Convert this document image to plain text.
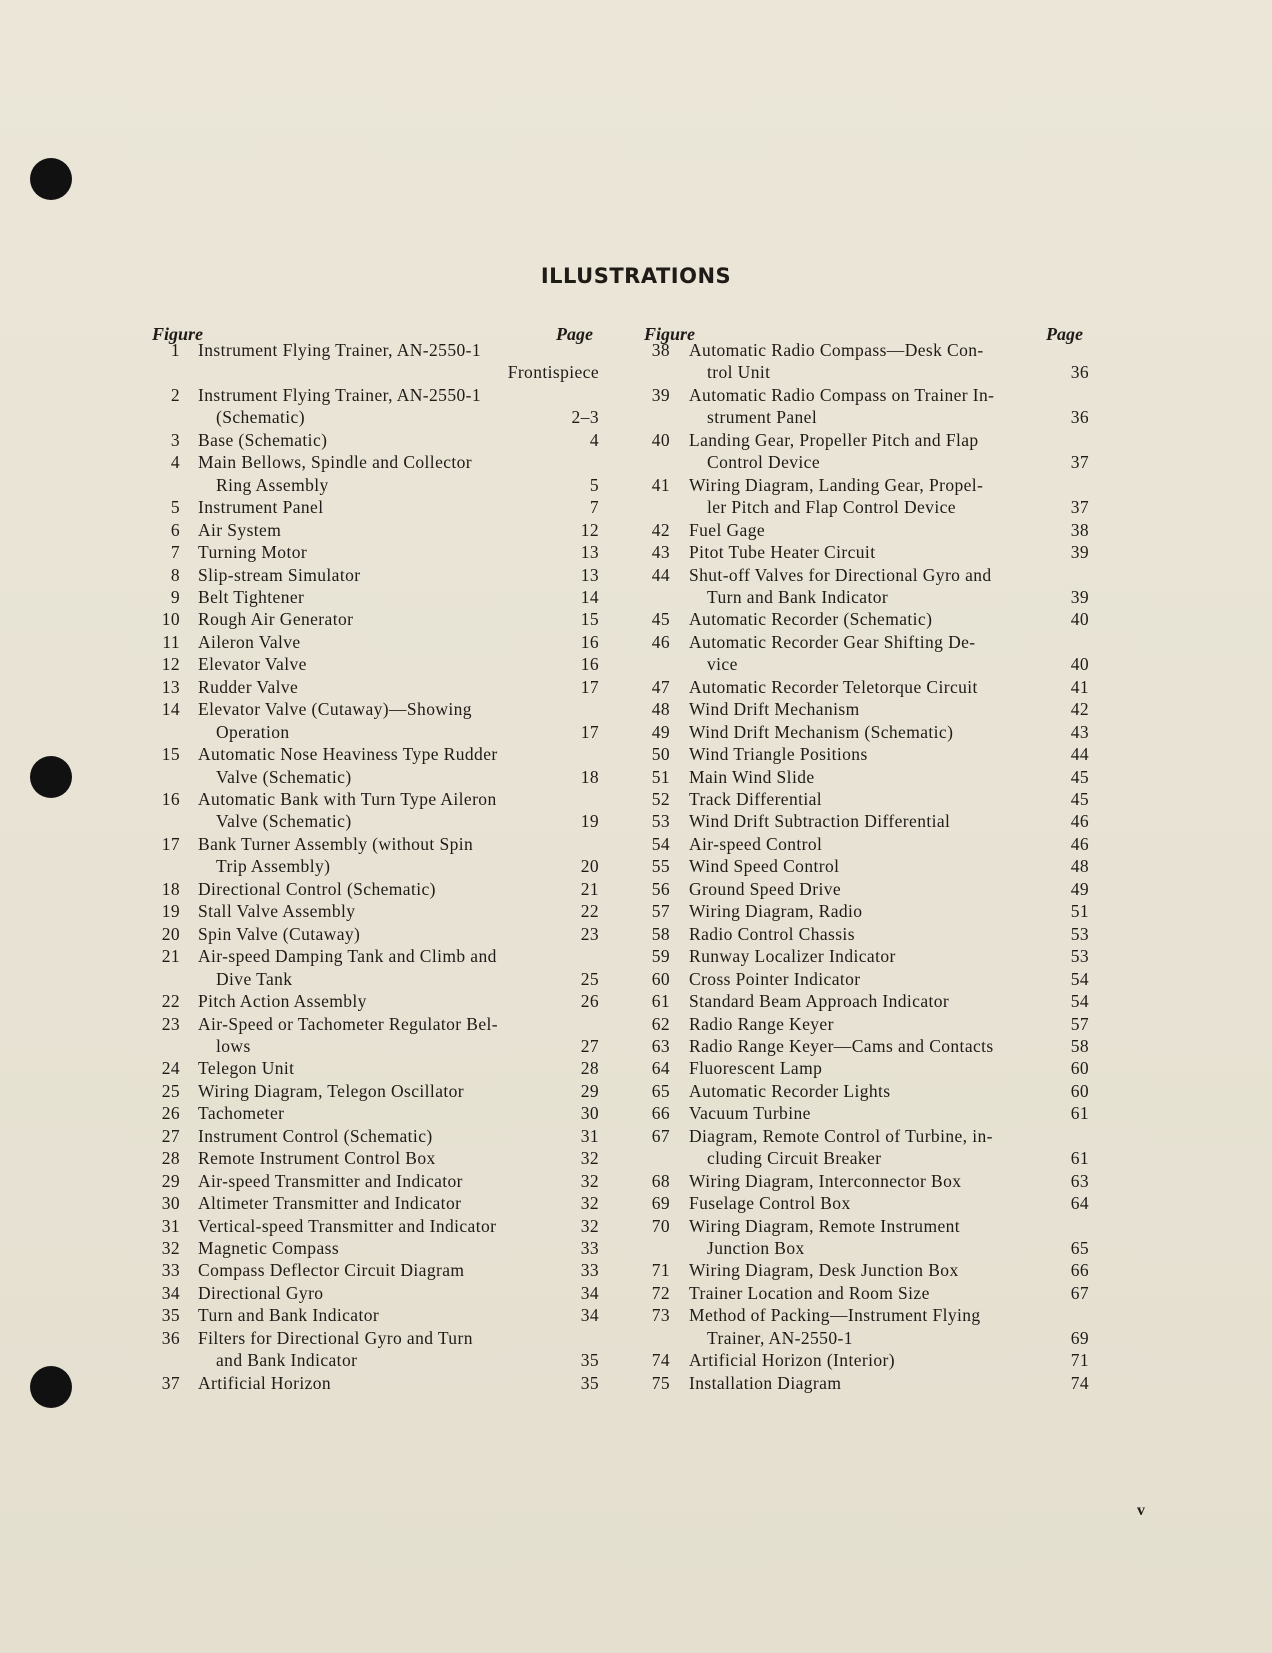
ILLUSTRATIONS
Figure	Page	Figure	Page
1 Instrument Flying Trainer, AN-2550-1
Frontispiece
2 Instrument Flying Trainer, AN-2550-1
(Schematic)	2–3
3 Base (Schematic)	4
4 Main Bellows, Spindle and Collector
Ring Assembly	5
5 Instrument Panel	7
6 Air System	12
7 Turning Motor	13
8 Slip-stream Simulator	13
9 Belt Tightener	14
10 Rough Air Generator	15
11 Aileron Valve	16
12 Elevator Valve	16
13 Rudder Valve	17
14 Elevator Valve (Cutaway)—Showing
Operation	17
15 Automatic Nose Heaviness Type Rudder
Valve (Schematic)	18
16 Automatic Bank with Turn Type Aileron
Valve (Schematic)	19
17 Bank Turner Assembly (without Spin
Trip Assembly)	20
18 Directional Control (Schematic)	21
19 Stall Valve Assembly	22
20 Spin Valve (Cutaway)	23
21 Air-speed Damping Tank and Climb and
Dive Tank	25
22 Pitch Action Assembly	26
23 Air-Speed or Tachometer Regulator Bel-
lows	27
24 Telegon Unit	28
25 Wiring Diagram, Telegon Oscillator	29
26 Tachometer	30
27 Instrument Control (Schematic)	31
28 Remote Instrument Control Box	32
29 Air-speed Transmitter and Indicator	32
30 Altimeter Transmitter and Indicator	32
31 Vertical-speed Transmitter and Indicator	32
32 Magnetic Compass	33
33 Compass Deflector Circuit Diagram	33
34 Directional Gyro	34
35 Turn and Bank Indicator	34
36 Filters for Directional Gyro and Turn
and Bank Indicator	35
37 Artificial Horizon	35
38 Automatic Radio Compass—Desk Con-
trol Unit	36
39 Automatic Radio Compass on Trainer In-
strument Panel	36
40 Landing Gear, Propeller Pitch and Flap
Control Device	37
41 Wiring Diagram, Landing Gear, Propel-
ler Pitch and Flap Control Device	37
42 Fuel Gage	38
43 Pitot Tube Heater Circuit	39
44 Shut-off Valves for Directional Gyro and
Turn and Bank Indicator	39
45 Automatic Recorder (Schematic)	40
46 Automatic Recorder Gear Shifting De-
vice	40
47 Automatic Recorder Teletorque Circuit	41
48 Wind Drift Mechanism	42
49 Wind Drift Mechanism (Schematic)	43
50 Wind Triangle Positions	44
51 Main Wind Slide	45
52 Track Differential	45
53 Wind Drift Subtraction Differential	46
54 Air-speed Control	46
55 Wind Speed Control	48
56 Ground Speed Drive	49
57 Wiring Diagram, Radio	51
58 Radio Control Chassis	53
59 Runway Localizer Indicator	53
60 Cross Pointer Indicator	54
61 Standard Beam Approach Indicator	54
62 Radio Range Keyer	57
63 Radio Range Keyer—Cams and Contacts	58
64 Fluorescent Lamp	60
65 Automatic Recorder Lights	60
66 Vacuum Turbine	61
67 Diagram, Remote Control of Turbine, in-
cluding Circuit Breaker	61
68 Wiring Diagram, Interconnector Box	63
69 Fuselage Control Box	64
70 Wiring Diagram, Remote Instrument
Junction Box	65
71 Wiring Diagram, Desk Junction Box	66
72 Trainer Location and Room Size	67
73 Method of Packing—Instrument Flying
Trainer, AN-2550-1	69
74 Artificial Horizon (Interior)	71
75 Installation Diagram	74
v
